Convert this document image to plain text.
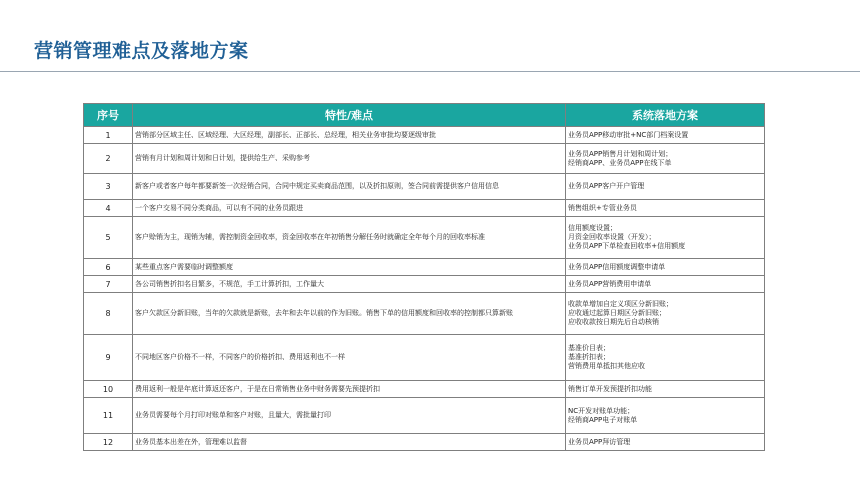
营销管理难点及落地方案
序号	特性/难点	系统落地方案
1	营销部分区域主任、区域经理、大区经理，副部长、正部长、总经理，相关业务审批均要逐级审批	业务员APP移动审批+NC部门档案设置

2	营销有月计划和周计划和日计划，提供给生产、采购参考	业务员APP销售月计划和周计划；
经销商APP、业务员APP在线下单

3	新客户或者客户每年都要新签一次经销合同，合同中规定买卖商品范围，以及折扣原则，签合同前需提供客户信用信息	业务员APP客户开户管理

4	一个客户交易不同分类商品，可以有不同的业务员跟进	销售组织+专管业务员

5	客户赊销为主，现销为辅，需控制资金回收率，资金回收率在年初销售分解任务时就确定全年每个月的回收率标准	信用额度设置；
月资金回收率设置（开发）；
业务员APP下单检查回收率+信用额度

6	某些重点客户需要临时调整额度	业务员APP信用额度调整申请单

7	各公司销售折扣名目繁多，不规范，手工计算折扣，工作量大	业务员APP营销费用申请单

8	客户欠款区分新旧账，当年的欠款就是新账，去年和去年以前的作为旧账。销售下单的信用额度和回收率的控制都只算新账	收款单增加自定义项区分新旧账；
应收通过起算日期区分新旧账；
应收收款按日期先后自动核销

9	不同地区客户价格不一样，不同客户的价格折扣、费用返利也不一样	基准价目表；
基准折扣表；
营销费用单抵扣其他应收

10	费用返利一般是年底计算返还客户，于是在日常销售业务中财务需要先预提折扣	销售订单开发预提折扣功能

11	业务员需要每个月打印对账单和客户对账，且量大，需批量打印	NC开发对账单功能；
经销商APP电子对账单

12	业务员基本出差在外，管理难以监督	业务员APP拜访管理
